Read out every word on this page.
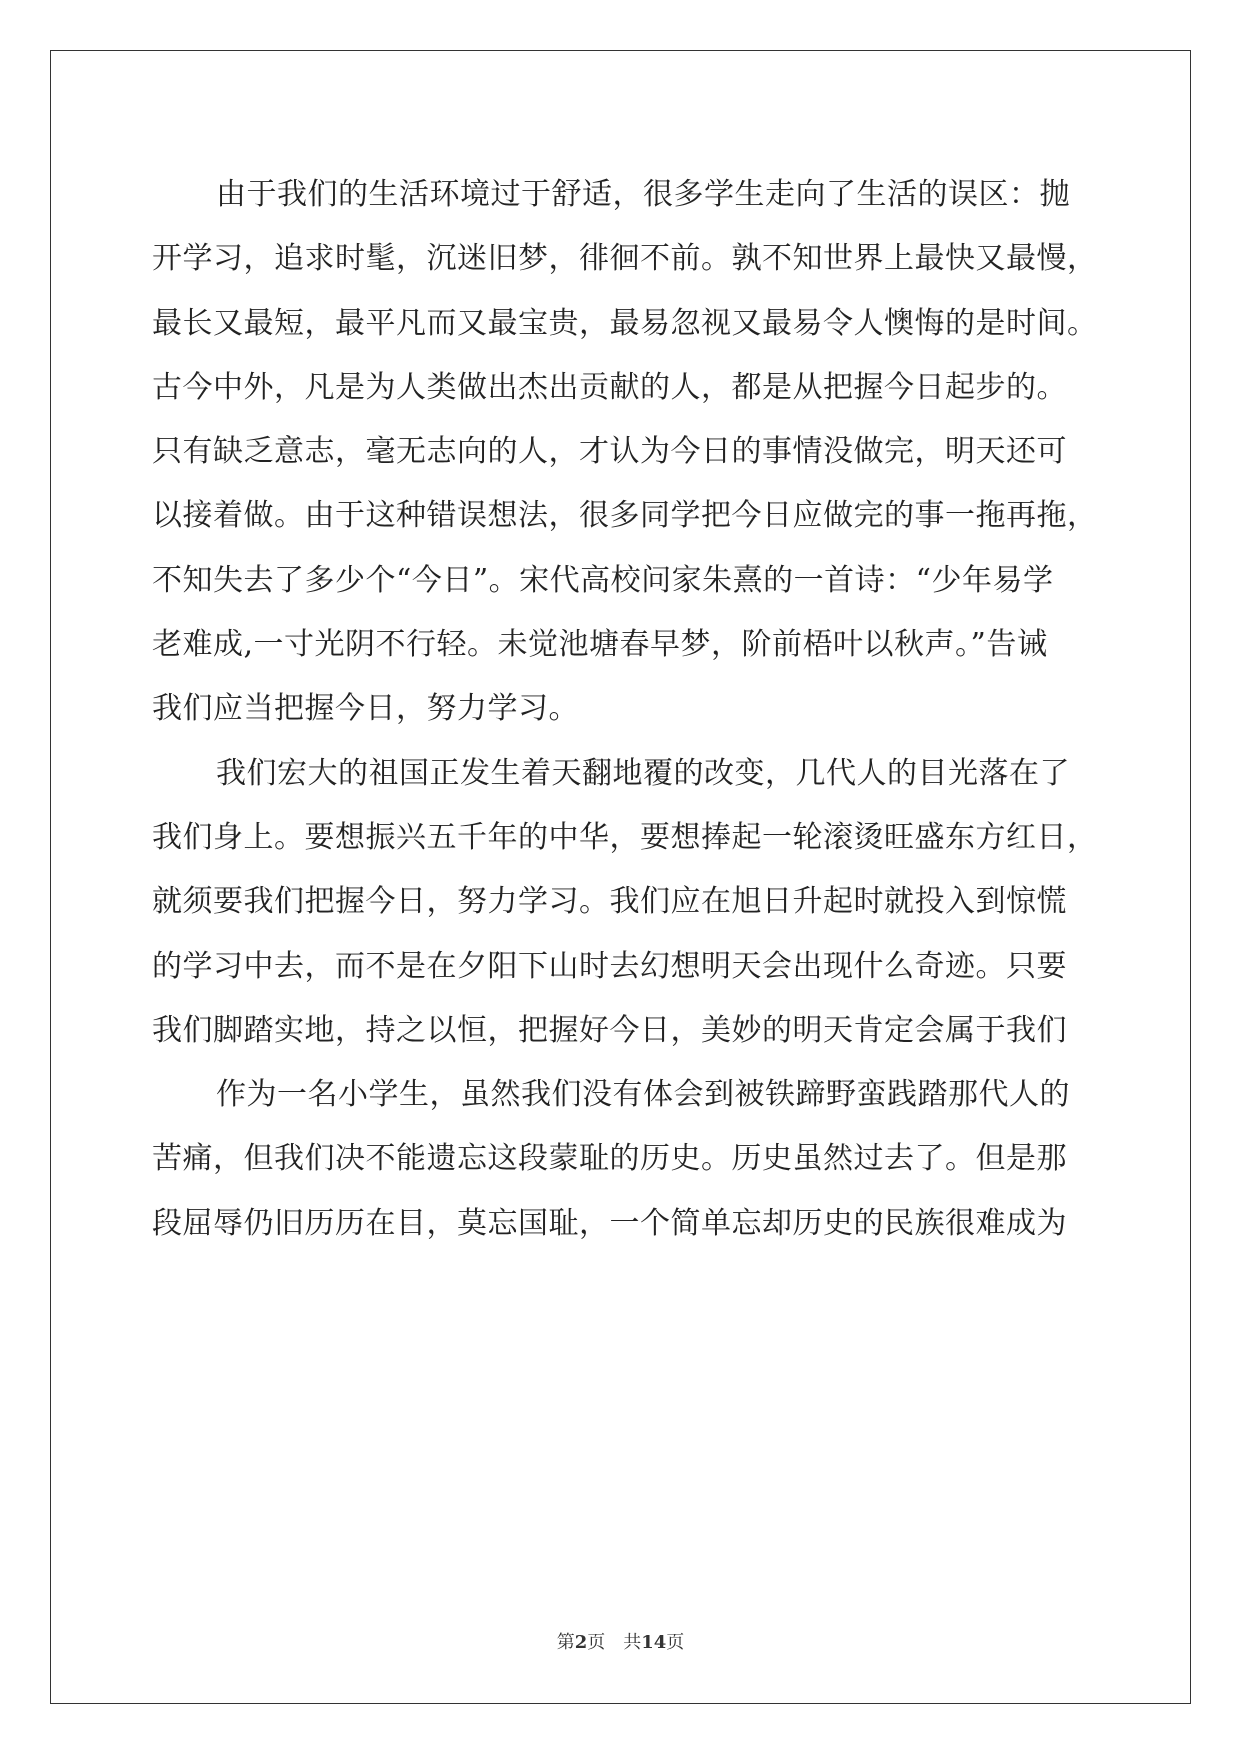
由于我们的生活环境过于舒适，很多学生走向了生活的误区：抛
开学习，追求时髦，沉迷旧梦，徘徊不前。孰不知世界上最快又最慢，
最长又最短，最平凡而又最宝贵，最易忽视又最易令人懊悔的是时间。
古今中外，凡是为人类做出杰出贡献的人，都是从把握今日起步的。
只有缺乏意志，毫无志向的人，才认为今日的事情没做完，明天还可
以接着做。由于这种错误想法，很多同学把今日应做完的事一拖再拖，
不知失去了多少个“今日”。宋代高校问家朱熹的一首诗：“少年易学
老难成,一寸光阴不行轻。未觉池塘春早梦，阶前梧叶以秋声。”告诫
我们应当把握今日，努力学习。
我们宏大的祖国正发生着天翻地覆的改变，几代人的目光落在了
我们身上。要想振兴五千年的中华，要想捧起一轮滚烫旺盛东方红日，
就须要我们把握今日，努力学习。我们应在旭日升起时就投入到惊慌
的学习中去，而不是在夕阳下山时去幻想明天会出现什么奇迹。只要
我们脚踏实地，持之以恒，把握好今日，美妙的明天肯定会属于我们
作为一名小学生，虽然我们没有体会到被铁蹄野蛮践踏那代人的
苦痛，但我们决不能遗忘这段蒙耻的历史。历史虽然过去了。但是那
段屈辱仍旧历历在目，莫忘国耻，一个简单忘却历史的民族很难成为
第2页 共14页
